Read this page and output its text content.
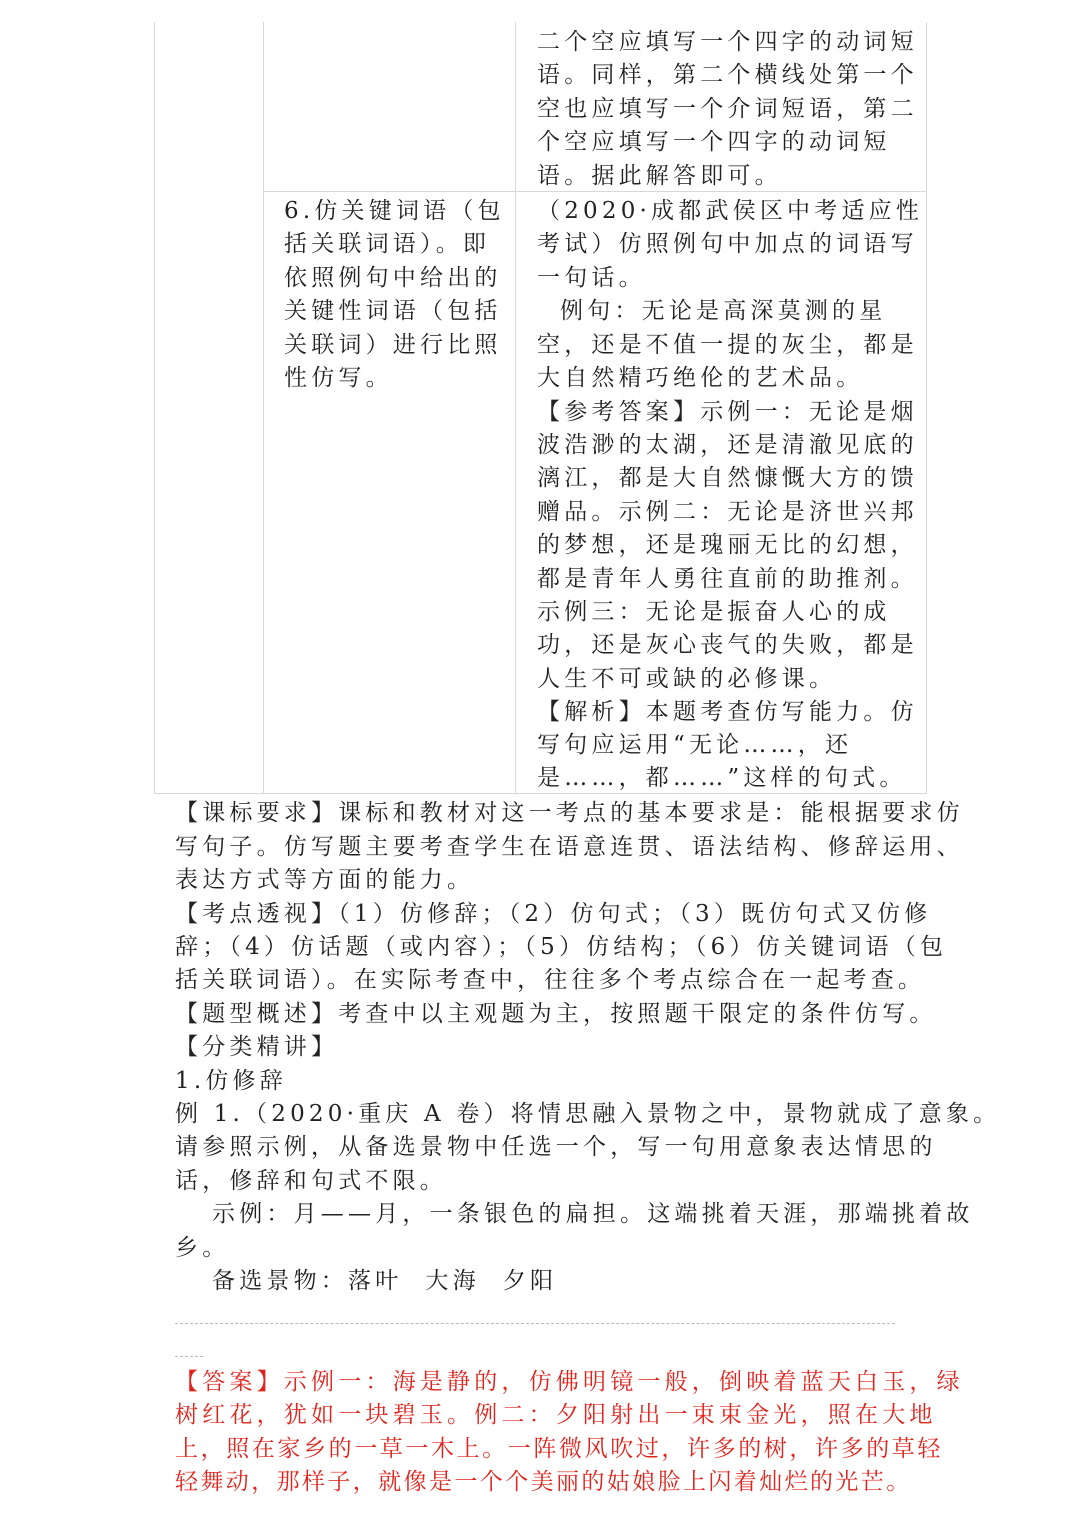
二个空应填写一个四字的动词短
语。同样，第二个横线处第一个
空也应填写一个介词短语，第二
个空应填写一个四字的动词短
语。据此解答即可。
6.仿关键词语（包
括关联词语）。即
依照例句中给出的
关键性词语（包括
关联词）进行比照
性仿写。
（2020·成都武侯区中考适应性
考试）仿照例句中加点的词语写
一句话。
例句：无论是高深莫测的星
空，还是不值一提的灰尘，都是
大自然精巧绝伦的艺术品。
【参考答案】示例一：无论是烟
波浩渺的太湖，还是清澈见底的
漓江，都是大自然慷慨大方的馈
赠品。示例二：无论是济世兴邦
的梦想，还是瑰丽无比的幻想，
都是青年人勇往直前的助推剂。
示例三：无论是振奋人心的成
功，还是灰心丧气的失败，都是
人生不可或缺的必修课。
【解析】本题考查仿写能力。仿
写句应运用“无论……，还
是……，都……”这样的句式。
【课标要求】课标和教材对这一考点的基本要求是：能根据要求仿
写句子。仿写题主要考查学生在语意连贯、语法结构、修辞运用、
表达方式等方面的能力。
【考点透视】（1）仿修辞；（2）仿句式；（3）既仿句式又仿修
辞；（4）仿话题（或内容）；（5）仿结构；（6）仿关键词语（包
括关联词语）。在实际考查中，往往多个考点综合在一起考查。
【题型概述】考查中以主观题为主，按照题干限定的条件仿写。
【分类精讲】
1.仿修辞
例 1.（2020·重庆 A 卷）将情思融入景物之中，景物就成了意象。
请参照示例，从备选景物中任选一个，写一句用意象表达情思的
话，修辞和句式不限。
示例：月——月，一条银色的扁担。这端挑着天涯，那端挑着故
乡。
备选景物：落叶  大海  夕阳
【答案】示例一：海是静的，仿佛明镜一般，倒映着蓝天白玉，绿
树红花，犹如一块碧玉。例二：夕阳射出一束束金光，照在大地
上，照在家乡的一草一木上。一阵微风吹过，许多的树，许多的草轻
轻舞动，那样子，就像是一个个美丽的姑娘脸上闪着灿烂的光芒。
